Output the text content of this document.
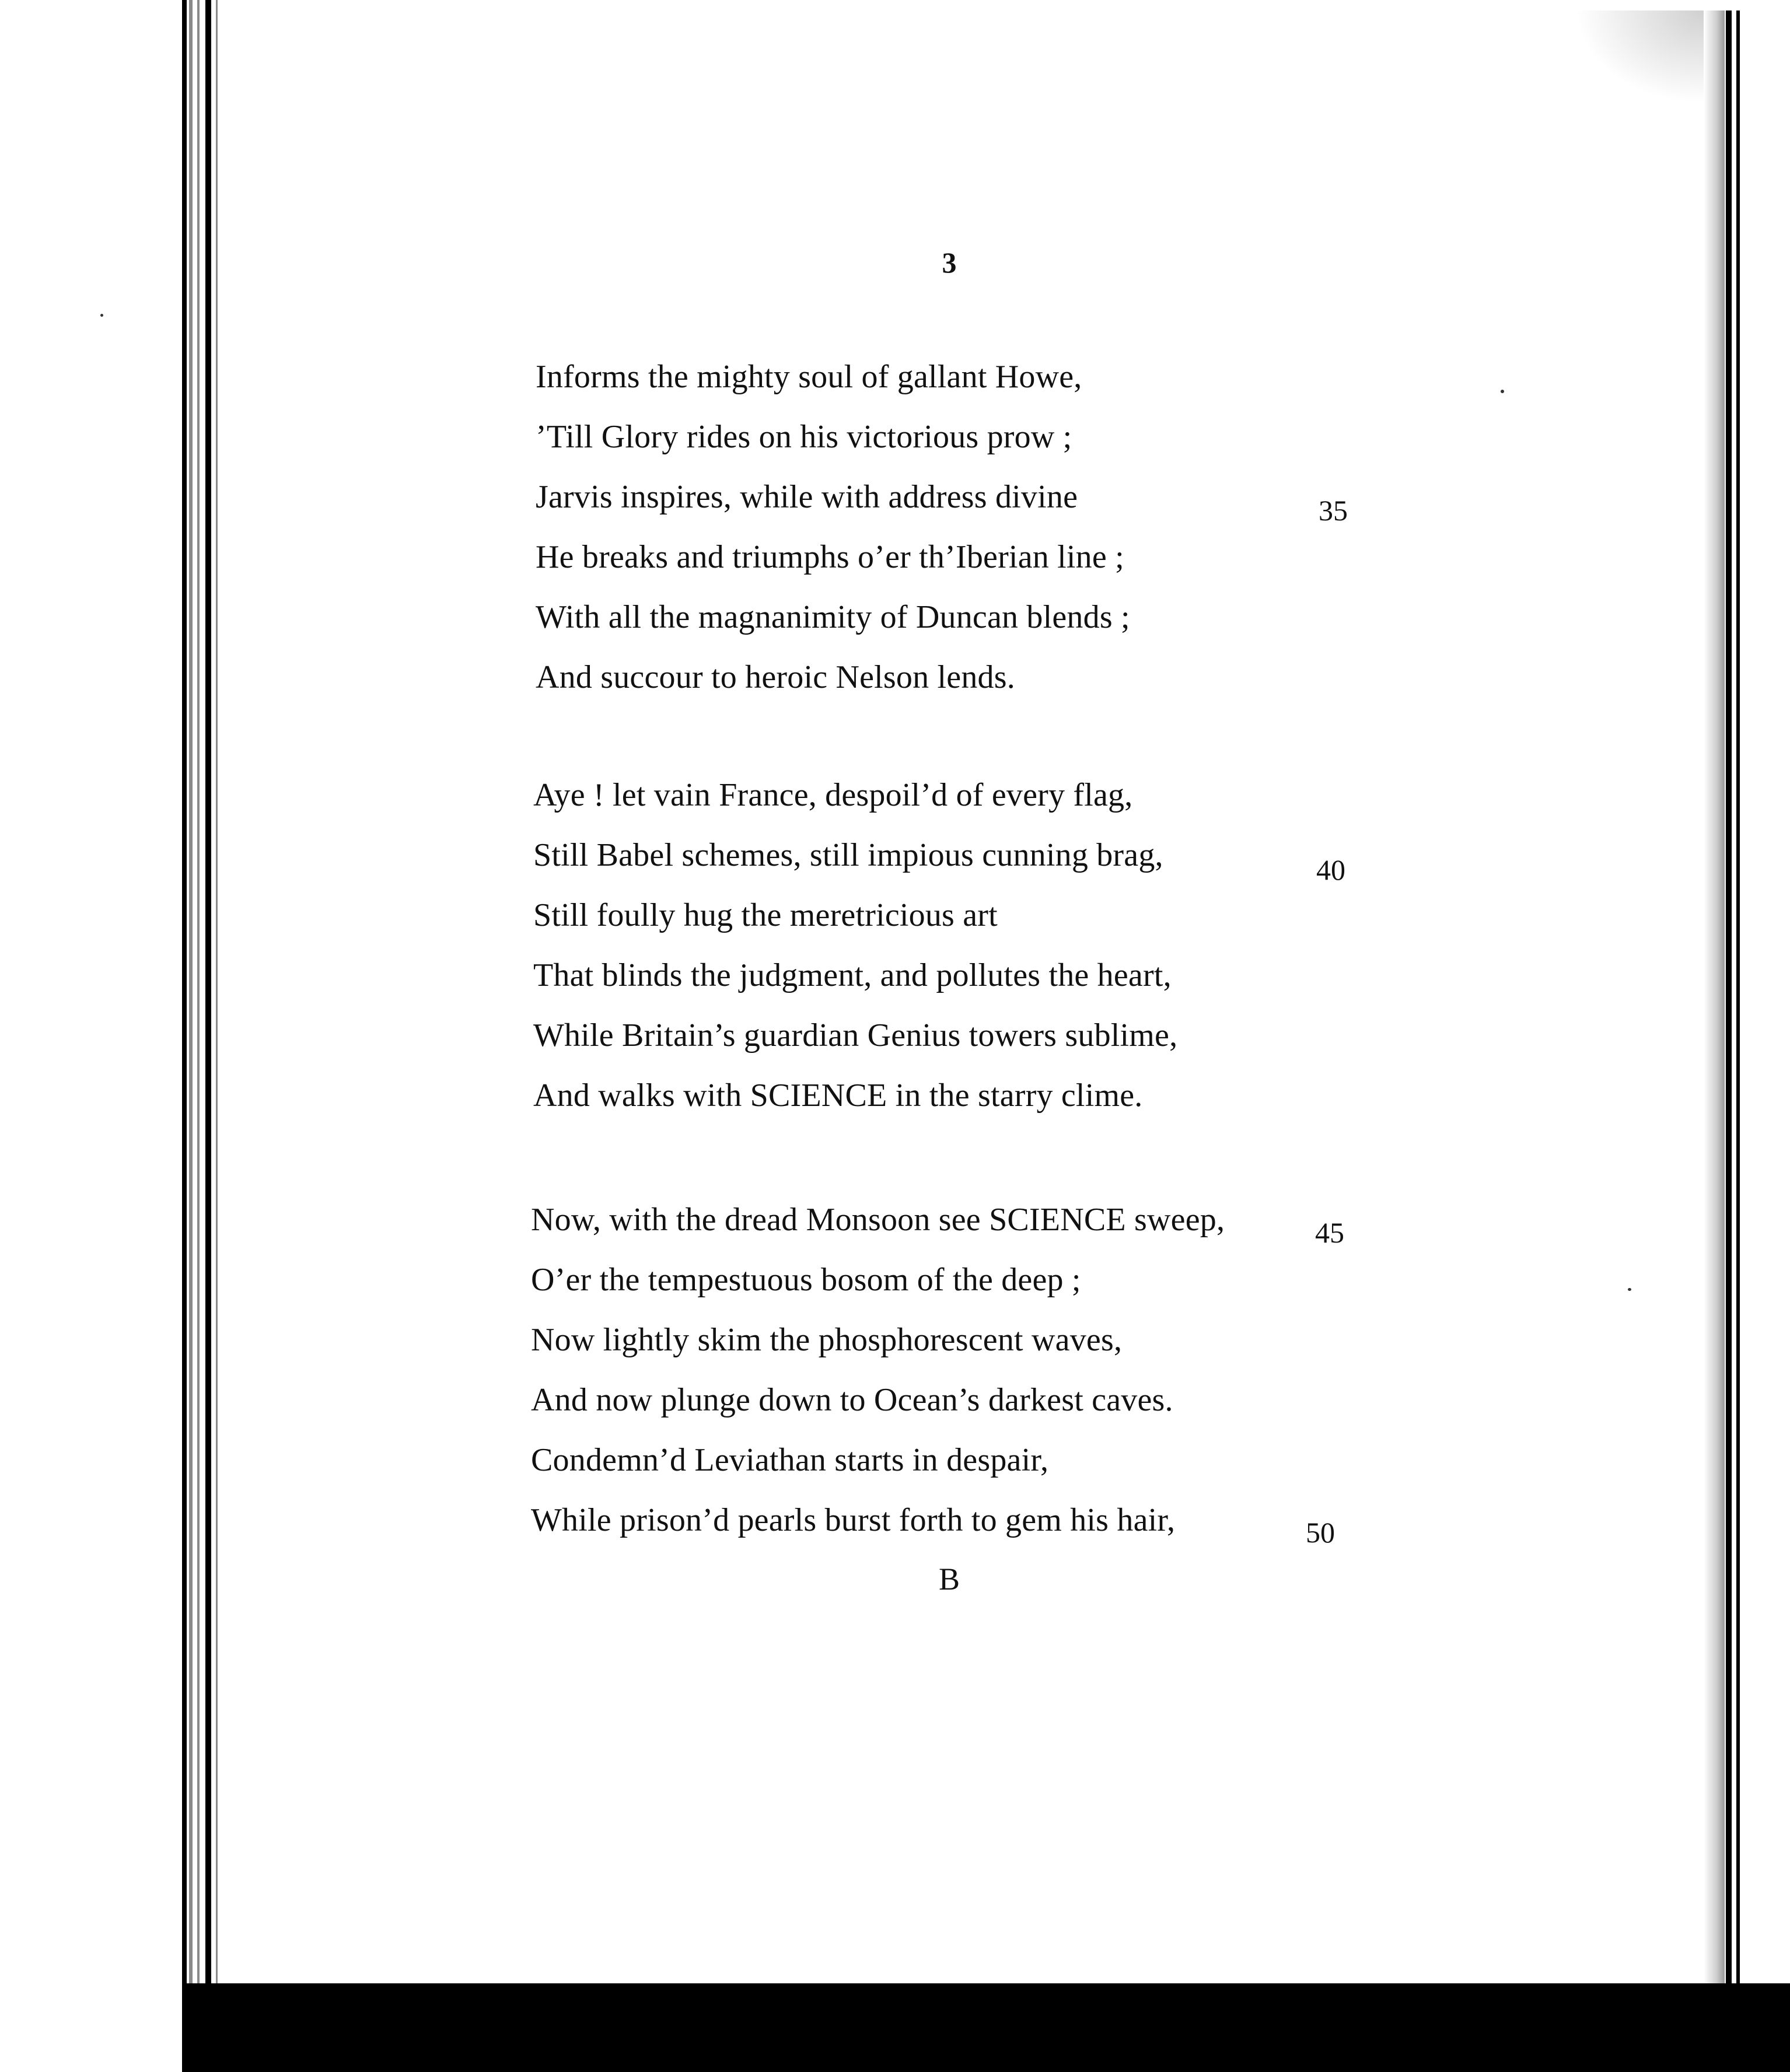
3
Informs the mighty soul of gallant Howe,
’Till Glory rides on his victorious prow ;
Jarvis inspires, while with address divine	35
He breaks and triumphs o’er th’Iberian line ;
With all the magnanimity of Duncan blends ;
And succour to heroic Nelson lends.
Aye ! let vain France, despoil’d of every flag,
Still Babel schemes, still impious cunning brag,	40
Still foully hug the meretricious art
That blinds the judgment, and pollutes the heart,
While Britain’s guardian Genius towers sublime,
And walks with SCIENCE in the starry clime.
Now, with the dread Monsoon see SCIENCE sweep,	45
O’er the tempestuous bosom of the deep ;
Now lightly skim the phosphorescent waves,
And now plunge down to Ocean’s darkest caves.
Condemn’d Leviathan starts in despair,
While prison’d pearls burst forth to gem his hair,	50
B
